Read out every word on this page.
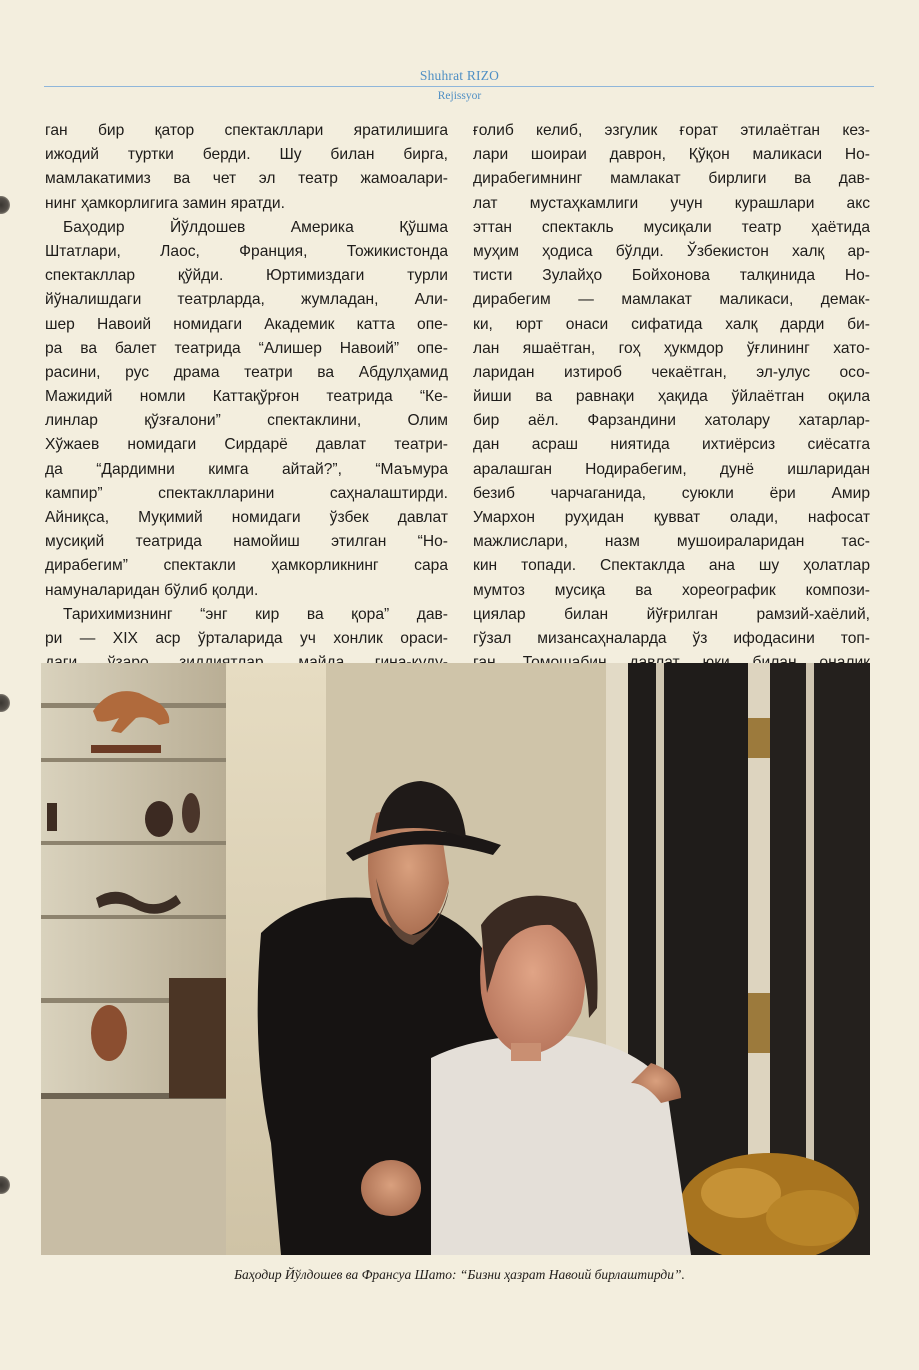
Shuhrat RIZO
Rejissyor
ган бир қатор спектакллари яратилишига
ижодий туртки берди. Шу билан бирга,
мамлакатимиз ва чет эл театр жамоалари-
нинг ҳамкорлигига замин яратди.
Баҳодир Йўлдошев Америка Қўшма
Штатлари, Лаос, Франция, Тожикистонда
спектакллар қўйди. Юртимиздаги турли
йўналишдаги театрларда, жумладан, Али-
шер Навоий номидаги Академик катта опе-
ра ва балет театрида “Алишер Навоий” опе-
расини, рус драма театри ва Абдулҳамид
Мажидий номли Каттақўрғон театрида “Ке-
линлар қўзғалони” спектаклини, Олим
Хўжаев номидаги Сирдарё давлат театри-
да “Дардимни кимга айтай?”, “Маъмура
кампир” спектаклларини саҳналаштирди.
Айниқса, Муқимий номидаги ўзбек давлат
мусиқий театрида намойиш этилган “Но-
дирабегим” спектакли ҳамкорликнинг сара
намуналаридан бўлиб қолди.
Тарихимизнинг “энг кир ва қора” дав-
ри — XIX аср ўрталарида уч хонлик ораси-
ғолиб келиб, эзгулик ғорат этилаётган кез-
лари шоираи даврон, Қўқон маликаси Но-
дирабегимнинг мамлакат бирлиги ва дав-
лат мустаҳкамлиги учун курашлари акс
эттан спектакль мусиқали театр ҳаётида
муҳим ҳодиса бўлди. Ўзбекистон халқ ар-
тисти Зулайҳо Бойхонова талқинида Но-
дирабегим — мамлакат маликаси, демак-
ки, юрт онаси сифатида халқ дарди би-
лан яшаётган, гоҳ ҳукмдор ўғлининг хато-
ларидан изтироб чекаётган, эл-улус осо-
йиши ва равнақи ҳақида ўйлаётган оқила
бир аёл. Фарзандини хатолару хатарлар-
дан асраш ниятида ихтиёрсиз сиёсатга
аралашган Нодирабегим, дунё ишларидан
безиб чарчаганида, суюкли ёри Амир
Умархон руҳидан қувват олади, нафосат
мажлислари, назм мушоираларидан тас-
кин топади. Спектаклда ана шу ҳолатлар
мумтоз мусиқа ва хореографик компози-
циялар билан йўғрилган рамзий-хаёлий,
гўзал мизансаҳналарда ўз ифодасини топ-
Баҳодир Йўлдошев ва Франсуа Шато: “Бизни ҳазрат Навоий бирлаштирди”.
